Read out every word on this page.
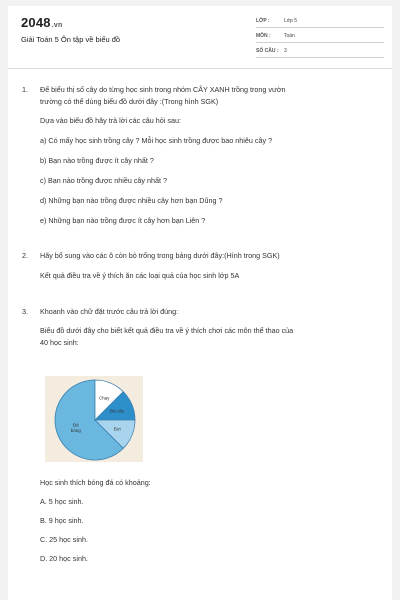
2048.vn
Giải Toán 5 Ôn tập về biểu đồ
LỚP :	Lớp 5
MÔN :	Toán
SỐ CÂU : 3
1. Để biểu thị số cây do từng học sinh trong nhóm CÂY XANH trồng trong vườn
trường có thể dùng biểu đồ dưới đây :(Trong hình SGK)
Dựa vào biểu đồ hãy trả lời các câu hỏi sau:
a) Có mấy học sinh trồng cây ? Mỗi học sinh trồng được bao nhiêu cây ?
b) Bạn nào trồng được ít cây nhất ?
c) Bạn nào trồng được nhiều cây nhất ?
d) Những bạn nào trồng được nhiều cây hơn bạn Dũng ?
e) Những bạn nào trồng được ít cây hơn bạn Liên ?
2. Hãy bổ sung vào các ô còn bỏ trống trong bảng dưới đây:(Hình trong SGK)
Kết quả điều tra về ý thích ăn các loại quả của học sinh lớp 5A
3. Khoanh vào chữ đặt trước câu trả lời đúng:
Biểu đồ dưới đây cho biết kết quả điều tra về ý thích chơi các môn thể thao của
40 học sinh:
Đá bóng
Chạy
Đá cầu
Bơi
Học sinh thích bóng đá có khoảng:
A. 5 học sinh.
B. 9 học sinh.
C. 25 học sinh.
D. 20 học sinh.
